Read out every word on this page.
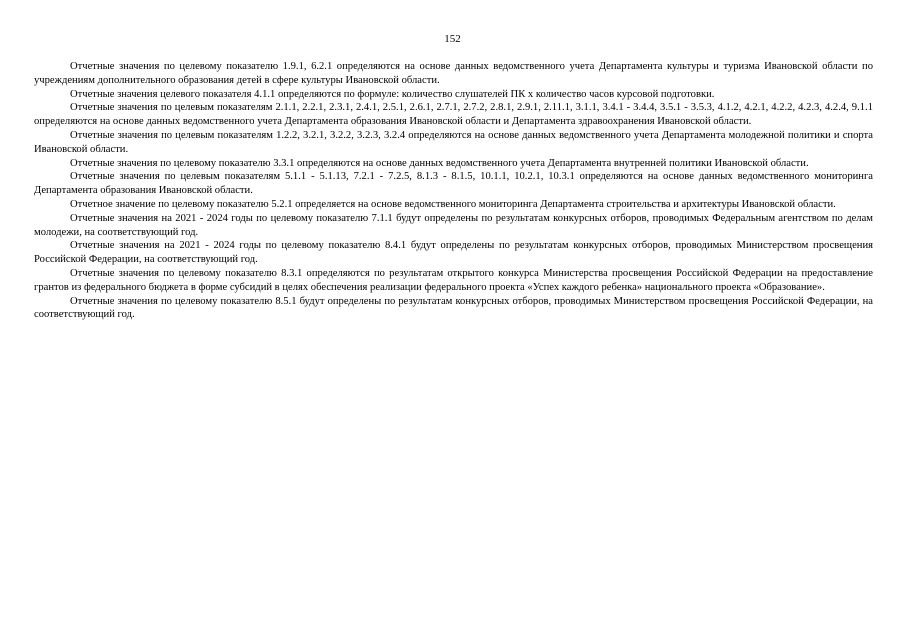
152

Отчетные значения по целевому показателю 1.9.1, 6.2.1 определяются на основе данных ведомственного учета Департамента культуры и туризма Ивановской области по учреждениям дополнительного образования детей в сфере культуры Ивановской области.

Отчетные значения целевого показателя 4.1.1 определяются по формуле: количество слушателей ПК х количество часов курсовой подготовки.

Отчетные значения по целевым показателям 2.1.1, 2.2.1, 2.3.1, 2.4.1, 2.5.1, 2.6.1, 2.7.1, 2.7.2, 2.8.1, 2.9.1, 2.11.1, 3.1.1, 3.4.1 - 3.4.4, 3.5.1 - 3.5.3, 4.1.2, 4.2.1, 4.2.2, 4.2.3, 4.2.4, 9.1.1 определяются на основе данных ведомственного учета Департамента образования Ивановской области и Департамента здравоохранения Ивановской области.

Отчетные значения по целевым показателям 1.2.2, 3.2.1, 3.2.2, 3.2.3, 3.2.4 определяются на основе данных ведомственного учета Департамента молодежной политики и спорта Ивановской области.

Отчетные значения по целевому показателю 3.3.1 определяются на основе данных ведомственного учета Департамента внутренней политики Ивановской области.

Отчетные значения по целевым показателям 5.1.1 - 5.1.13, 7.2.1 - 7.2.5, 8.1.3 - 8.1.5, 10.1.1, 10.2.1, 10.3.1 определяются на основе данных ведомственного мониторинга Департамента образования Ивановской области.

Отчетное значение по целевому показателю 5.2.1 определяется на основе ведомственного мониторинга Департамента строительства и архитектуры Ивановской области.

Отчетные значения на 2021 - 2024 годы по целевому показателю 7.1.1 будут определены по результатам конкурсных отборов, проводимых Федеральным агентством по делам молодежи, на соответствующий год.

Отчетные значения на 2021 - 2024 годы по целевому показателю 8.4.1 будут определены по результатам конкурсных отборов, проводимых Министерством просвещения Российской Федерации, на соответствующий год.

Отчетные значения по целевому показателю 8.3.1 определяются по результатам открытого конкурса Министерства просвещения Российской Федерации на предоставление грантов из федерального бюджета в форме субсидий в целях обеспечения реализации федерального проекта «Успех каждого ребенка» национального проекта «Образование».

Отчетные значения по целевому показателю 8.5.1 будут определены по результатам конкурсных отборов, проводимых Министерством просвещения Российской Федерации, на соответствующий год.
